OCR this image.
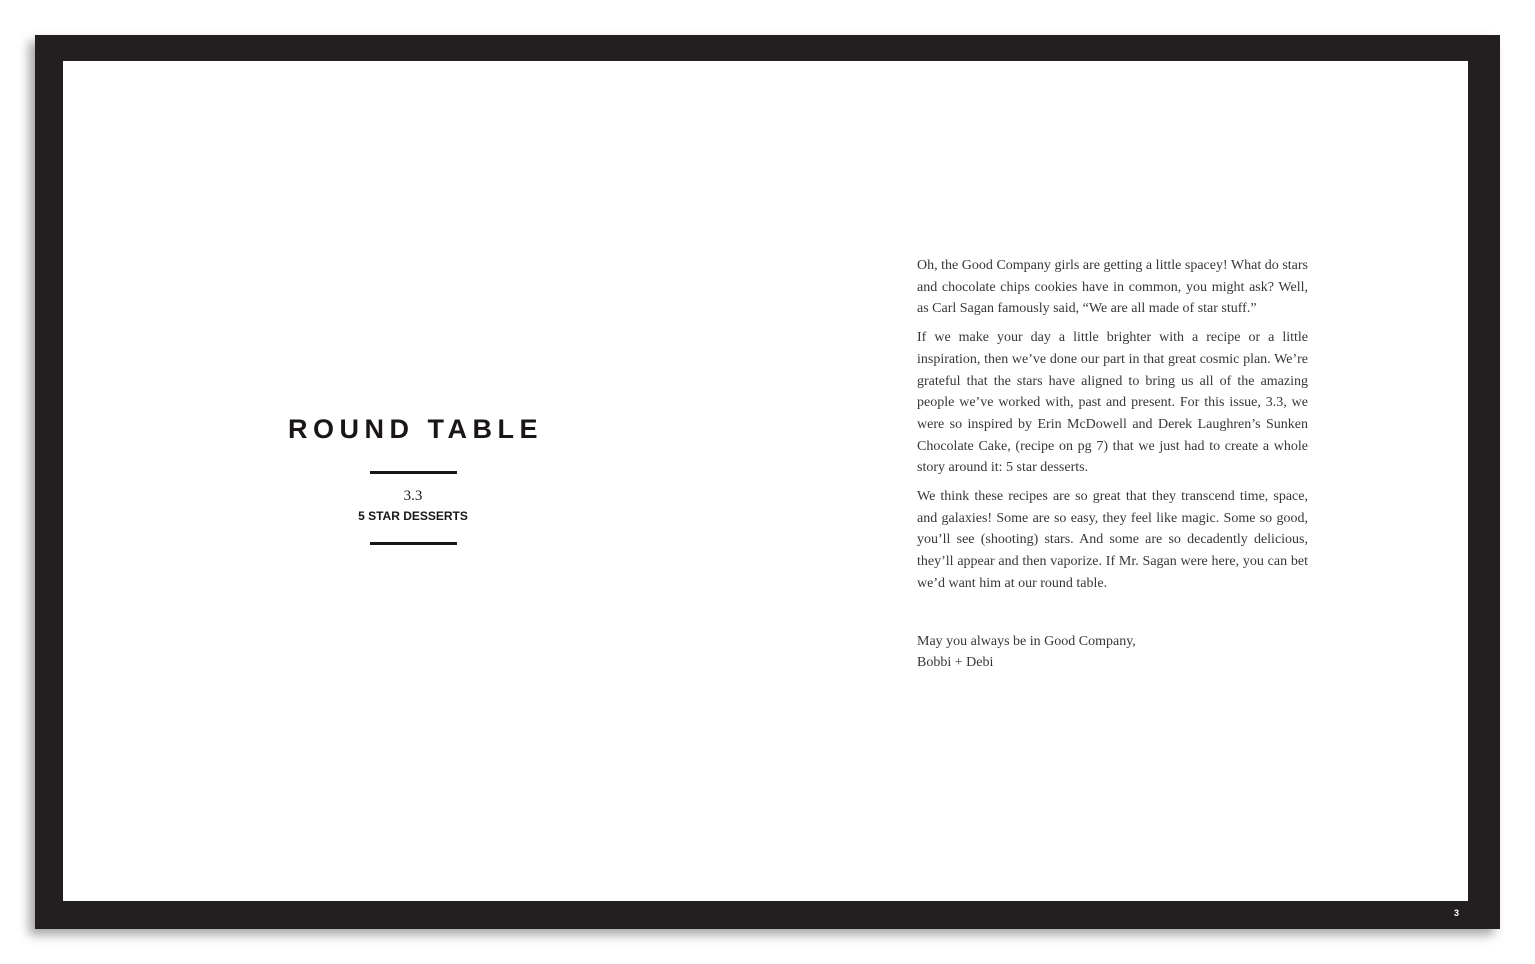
ROUND TABLE
3.3
5 STAR DESSERTS

Oh, the Good Company girls are getting a little spacey! What do stars and chocolate chips cookies have in common, you might ask? Well, as Carl Sagan famously said, “We are all made of star stuff.”

If we make your day a little brighter with a recipe or a little inspiration, then we’ve done our part in that great cosmic plan. We’re grateful that the stars have aligned to bring us all of the amazing people we’ve worked with, past and present. For this issue, 3.3, we were so inspired by Erin McDowell and Derek Laughren’s Sunken Chocolate Cake, (recipe on pg 7) that we just had to create a whole story around it: 5 star desserts.

We think these recipes are so great that they transcend time, space, and galaxies! Some are so easy, they feel like magic. Some so good, you’ll see (shooting) stars. And some are so decadently delicious, they’ll appear and then vaporize. If Mr. Sagan were here, you can bet we’d want him at our round table.

May you always be in Good Company,
Bobbi + Debi
3
